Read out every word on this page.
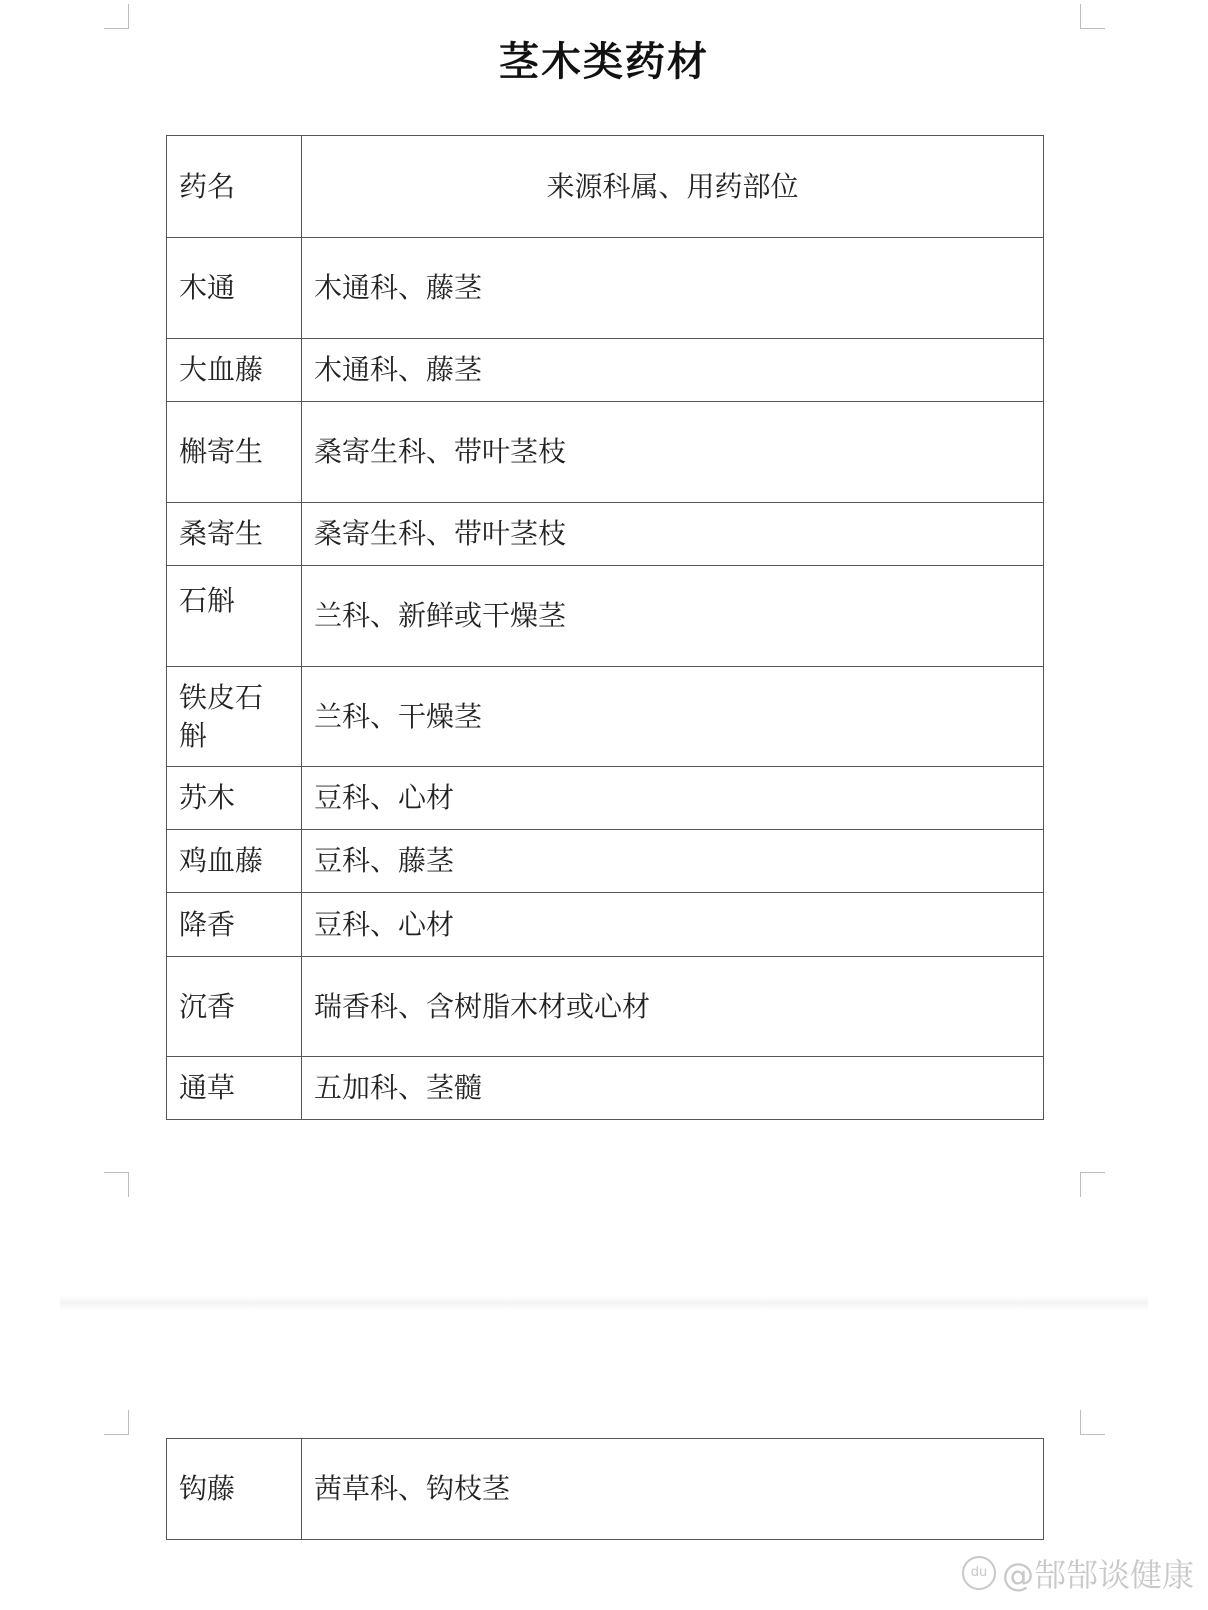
茎木类药材
药名	来源科属、用药部位
木通	木通科、藤茎
大血藤	木通科、藤茎
槲寄生	桑寄生科、带叶茎枝
桑寄生	桑寄生科、带叶茎枝
石斛	兰科、新鲜或干燥茎
铁皮石斛	兰科、干燥茎
苏木	豆科、心材
鸡血藤	豆科、藤茎
降香	豆科、心材
沉香	瑞香科、含树脂木材或心材
通草	五加科、茎髓
钩藤	茜草科、钩枝茎
du @郜郜谈健康
